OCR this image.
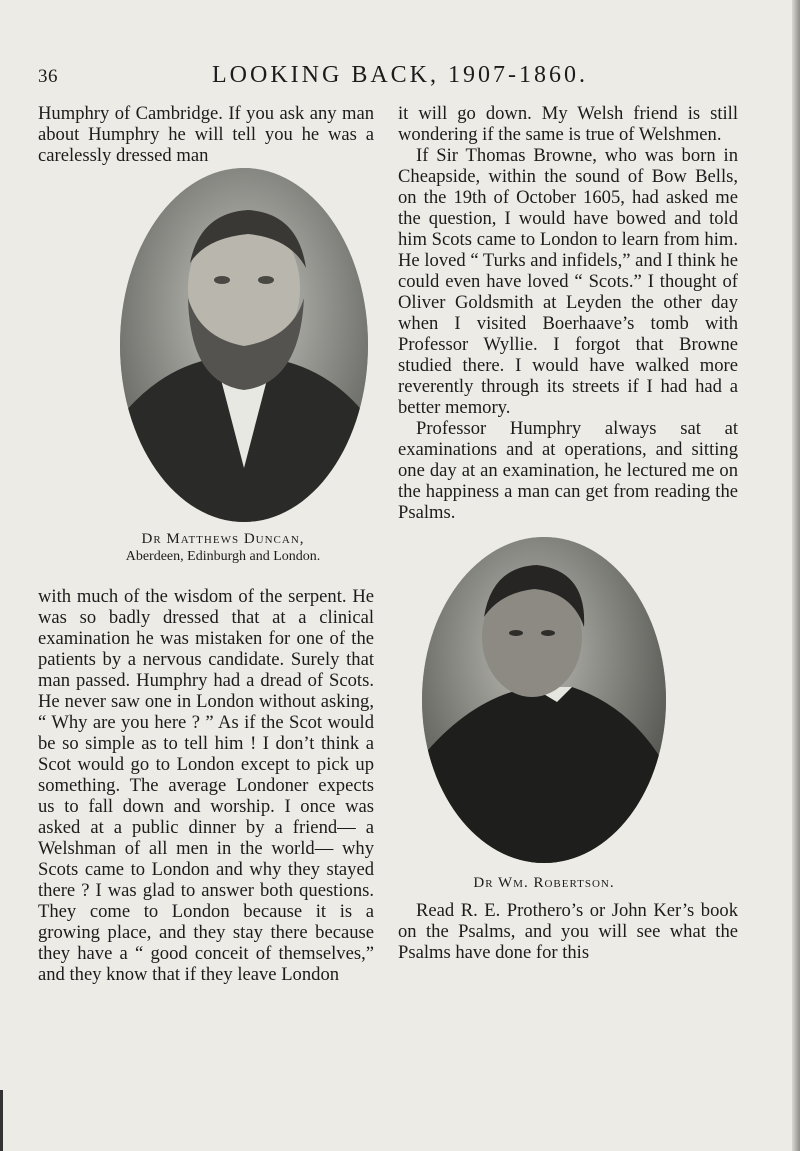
36	LOOKING BACK, 1907-1860.

Humphry of Cambridge. If you ask any man about Humphry he will tell you he was a carelessly dressed man

Dr Matthews Duncan,
Aberdeen, Edinburgh and London.

with much of the wisdom of the serpent. He was so badly dressed that at a clinical examination he was mistaken for one of the patients by a nervous candidate. Surely that man passed. Humphry had a dread of Scots. He never saw one in London without asking, “ Why are you here ? ” As if the Scot would be so simple as to tell him ! I don’t think a Scot would go to London except to pick up something. The average Londoner expects us to fall down and worship. I once was asked at a public dinner by a friend— a Welshman of all men in the world— why Scots came to London and why they stayed there ? I was glad to answer both questions. They come to London because it is a growing place, and they stay there because they have a “ good conceit of themselves,” and they know that if they leave London

it will go down. My Welsh friend is still wondering if the same is true of Welshmen.

If Sir Thomas Browne, who was born in Cheapside, within the sound of Bow Bells, on the 19th of October 1605, had asked me the question, I would have bowed and told him Scots came to London to learn from him. He loved “ Turks and infidels,” and I think he could even have loved “ Scots.” I thought of Oliver Goldsmith at Leyden the other day when I visited Boerhaave’s tomb with Professor Wyllie. I forgot that Browne studied there. I would have walked more reverently through its streets if I had had a better memory.

Professor Humphry always sat at examinations and at operations, and sitting one day at an examination, he lectured me on the happiness a man can get from reading the Psalms.

Dr Wm. Robertson.

Read R. E. Prothero’s or John Ker’s book on the Psalms, and you will see what the Psalms have done for this
